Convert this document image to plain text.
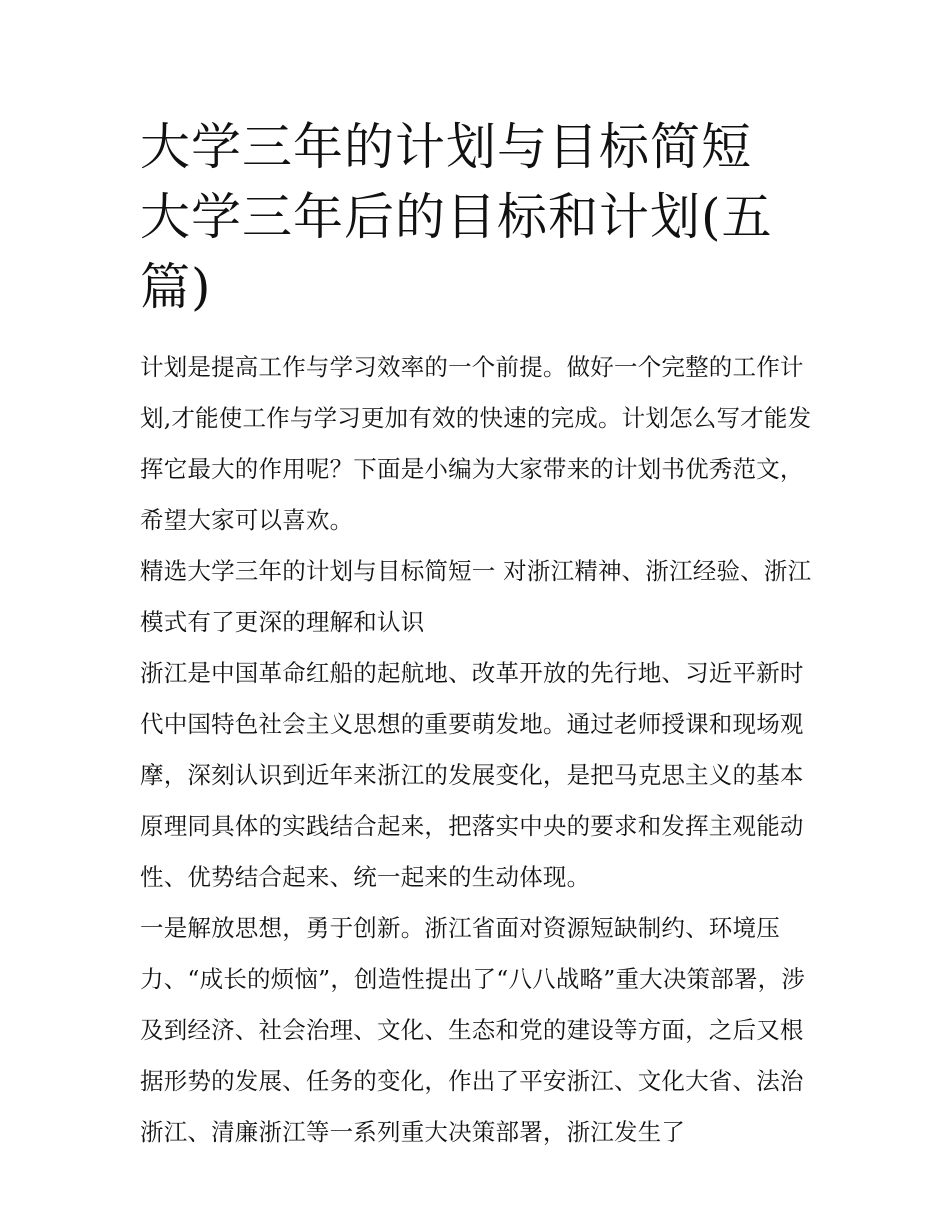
大学三年的计划与目标简短 大学三年后的目标和计划(五篇)

计划是提高工作与学习效率的一个前提。做好一个完整的工作计划,才能使工作与学习更加有效的快速的完成。计划怎么写才能发挥它最大的作用呢？下面是小编为大家带来的计划书优秀范文，希望大家可以喜欢。

精选大学三年的计划与目标简短一 对浙江精神、浙江经验、浙江模式有了更深的理解和认识

浙江是中国革命红船的起航地、改革开放的先行地、习近平新时代中国特色社会主义思想的重要萌发地。通过老师授课和现场观摩，深刻认识到近年来浙江的发展变化，是把马克思主义的基本原理同具体的实践结合起来，把落实中央的要求和发挥主观能动性、优势结合起来、统一起来的生动体现。

一是解放思想，勇于创新。浙江省面对资源短缺制约、环境压力、“成长的烦恼”，创造性提出了“八八战略”重大决策部署，涉及到经济、社会治理、文化、生态和党的建设等方面，之后又根据形势的发展、任务的变化，作出了平安浙江、文化大省、法治浙江、清廉浙江等一系列重大决策部署，浙江发生了
